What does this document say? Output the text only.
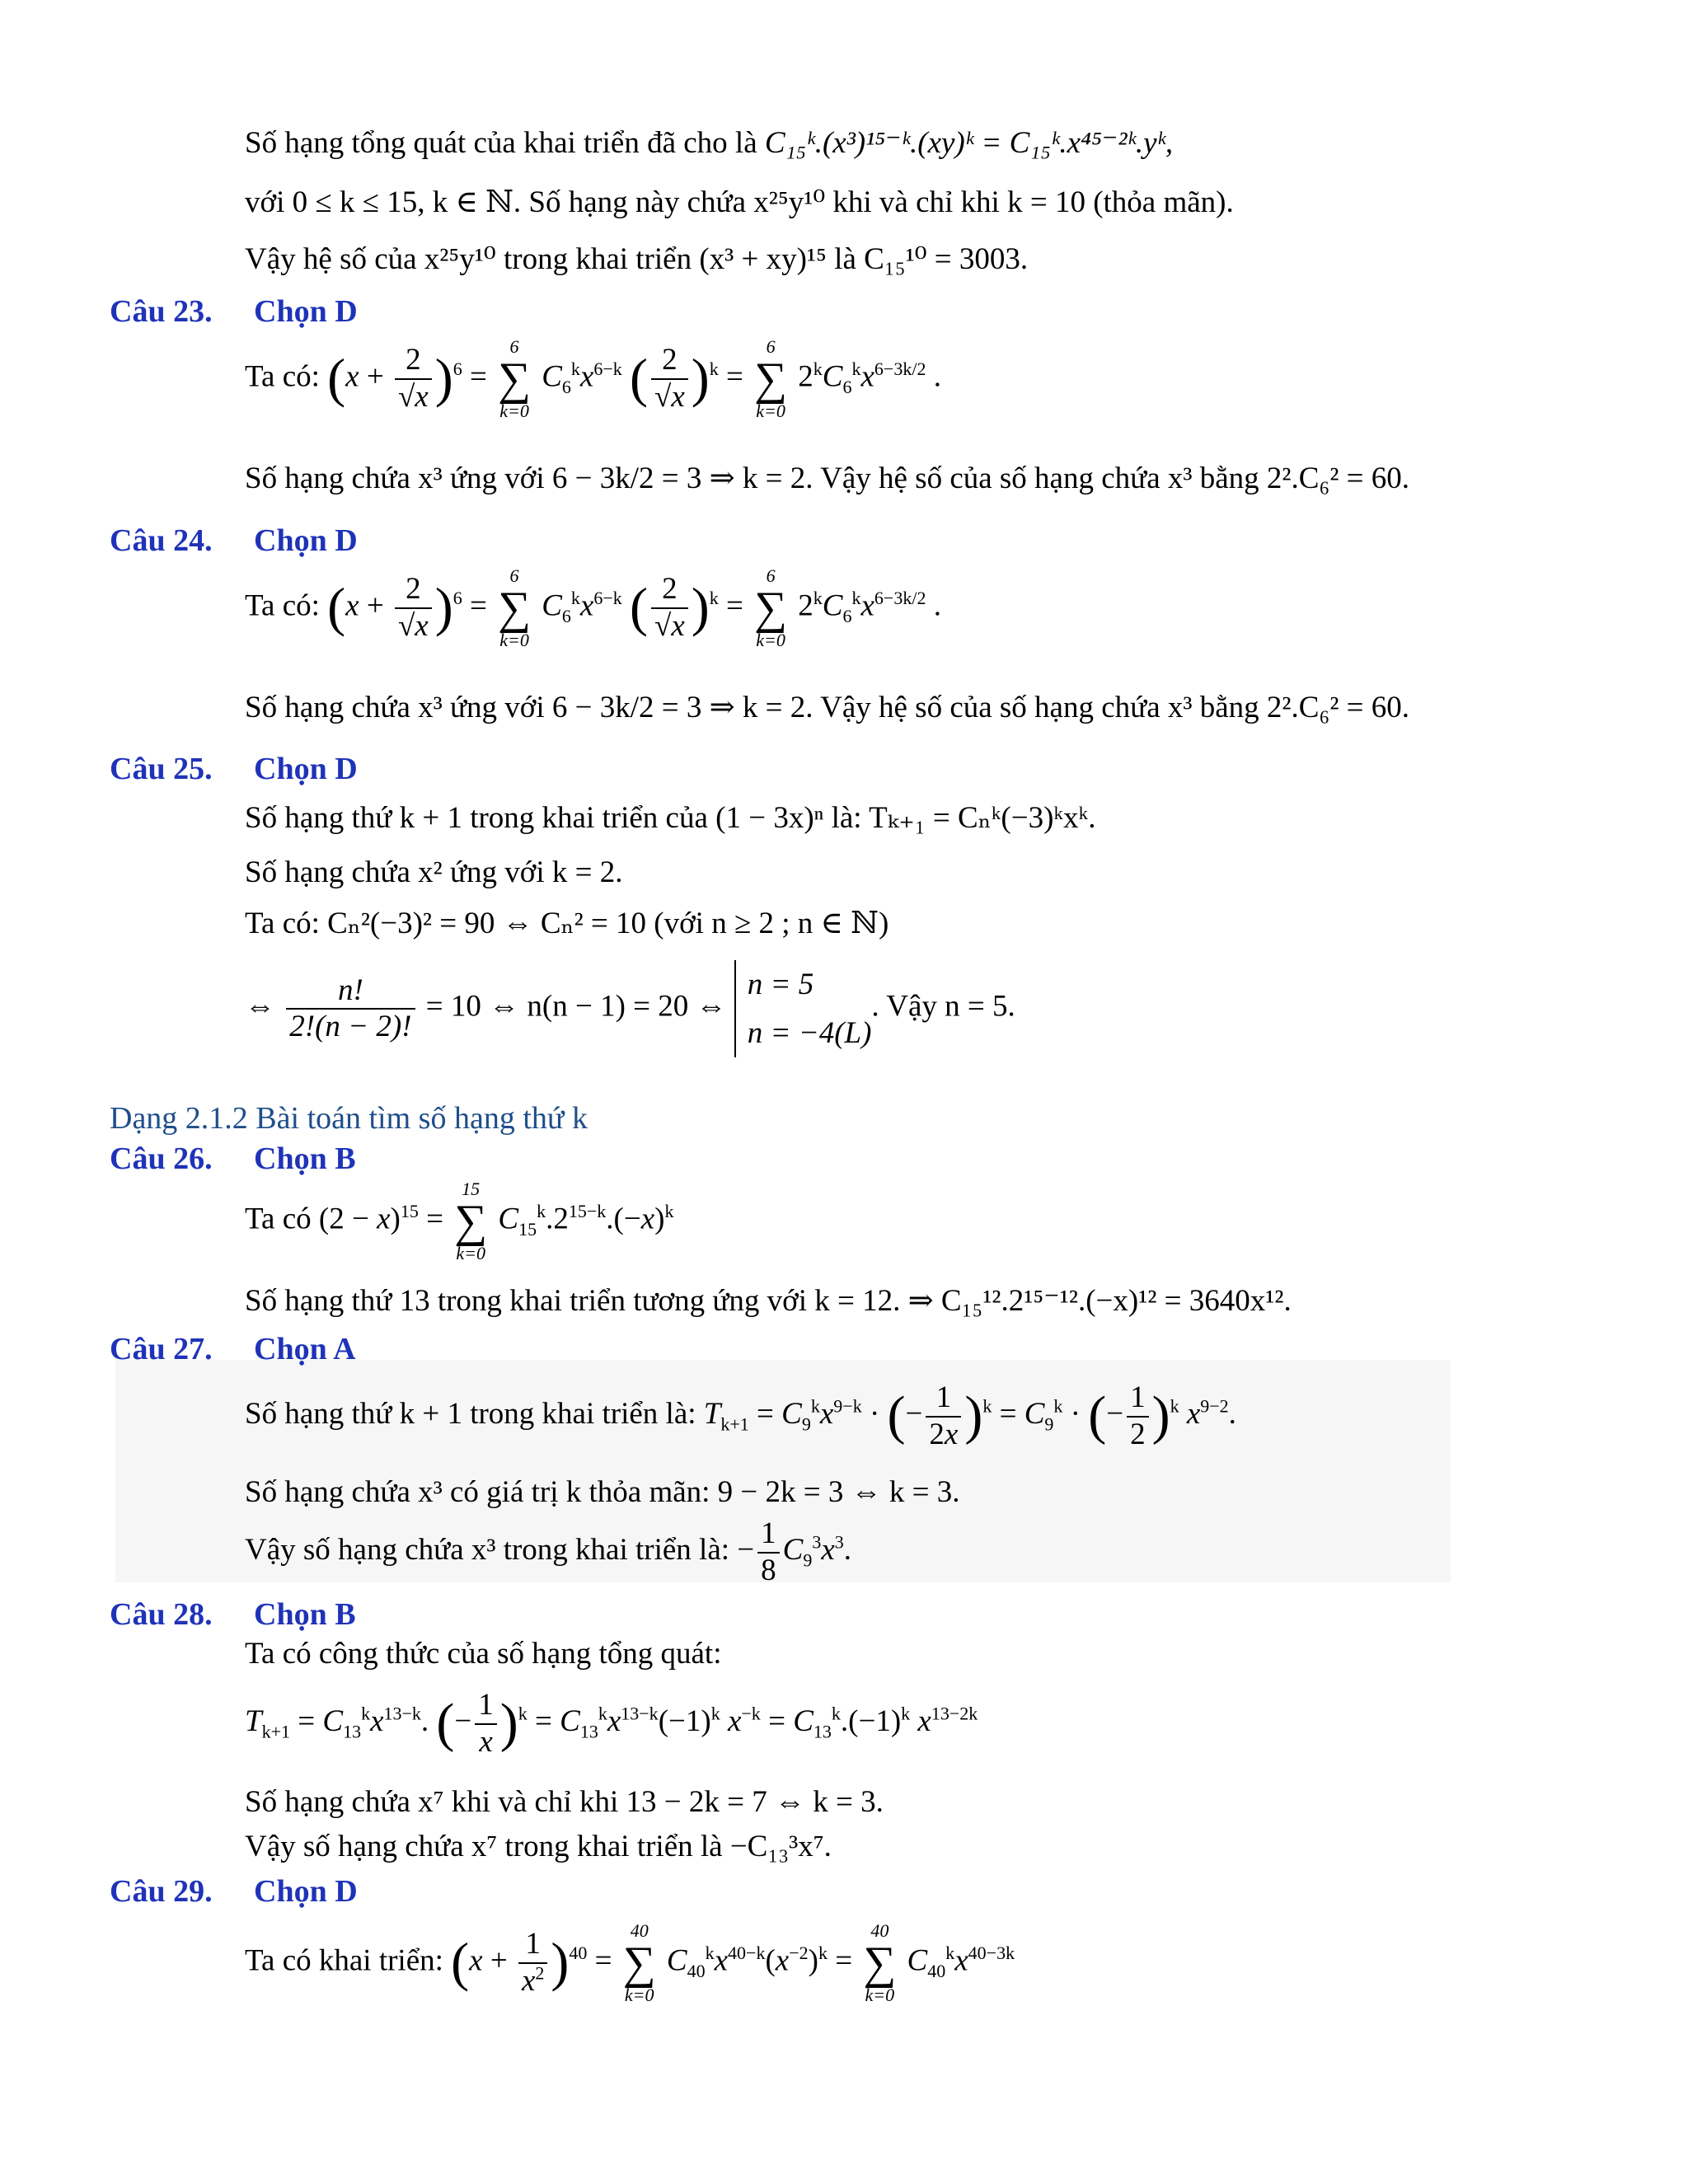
Số hạng tổng quát của khai triển đã cho là C₁₅ᵏ.(x³)¹⁵⁻ᵏ.(xy)ᵏ = C₁₅ᵏ.x⁴⁵⁻²ᵏ.yᵏ,
với 0 ≤ k ≤ 15, k ∈ ℕ. Số hạng này chứa x²⁵y¹⁰ khi và chỉ khi k = 10 (thỏa mãn).
Vậy hệ số của x²⁵y¹⁰ trong khai triển (x³ + xy)¹⁵ là C₁₅¹⁰ = 3003.
Câu 23. Chọn D
Ta có: $(x + \frac{2}{√x} )^6$ =
6
∑
k=0
$C_6^kx^{6-k}$ ( $\frac{2}{√x} )^k$ =
6
∑
k=0
$2^kC_6^kx^{6-3k/2}$ .
Số hạng chứa x³ ứng với 6 − 3k/2 = 3 ⇒ k = 2. Vậy hệ số của số hạng chứa x³ bằng 2².C₆² = 60.
Câu 24. Chọn D
Ta có: $(x + \frac{2}{√x} )^6$ =
6
∑
k=0
$C_6^kx^{6-k}$ ( $\frac{2}{√x} )^k$ =
6
∑
k=0
$2^kC_6^kx^{6-3k/2}$ .
Số hạng chứa x³ ứng với 6 − 3k/2 = 3 ⇒ k = 2. Vậy hệ số của số hạng chứa x³ bằng 2².C₆² = 60.
Câu 25. Chọn D
Số hạng thứ k + 1 trong khai triển của (1 − 3x)ⁿ là: Tₖ₊₁ = Cₙᵏ(−3)ᵏxᵏ.
Số hạng chứa x² ứng với k = 2.
Ta có: Cₙ²(−3)² = 90 ⇔ Cₙ² = 10 (với n ≥ 2 ; n ∈ ℕ)
⇔ $\frac{n!}{2!(n - 2)!} = 10$ ⇔ n(n − 1) = 20 ⇔ n = 5
n = −4(L). Vậy n = 5.
Dạng 2.1.2 Bài toán tìm số hạng thứ k
Câu 26. Chọn B
Ta có $(2 - x)^{15}$ =
15
∑
k=0
$C_{15}^k.2^{15-k}.(-x)^k$
Số hạng thứ 13 trong khai triển tương ứng với k = 12. ⇒ C₁₅¹².2¹⁵⁻¹².(−x)¹² = 3640x¹².
Câu 27. Chọn A
Số hạng thứ k + 1 trong khai triển là: $T_{k+1} = C_9^kx^{9-k}$ · (− $\frac{1}{2x} )^k = C_9^k$ · (− $\frac{1}{2} )^k$ $x^{9-2}$.
Số hạng chứa x³ có giá trị k thỏa mãn: 9 − 2k = 3 ⇔ k = 3.
Vậy số hạng chứa x³ trong khai triển là: − $\frac{1}{8} C_9^3x^3$.
Câu 28. Chọn B
Ta có công thức của số hạng tổng quát:
$T_{k+1} = C_{13}^kx^{13-k}$. (− $\frac{1}{x} )^k = C_{13}^kx^{13-k}(-1)^k$ $x^{-k} = C_{13}^k.(-1)^k$ $x^{13-2k}$
Số hạng chứa x⁷ khi và chỉ khi 13 − 2k = 7 ⇔ k = 3.
Vậy số hạng chứa x⁷ trong khai triển là −C₁₃³x⁷.
Câu 29. Chọn D
Ta có khai triển: $(x + \frac{1}{x^2} )^{40}$ =
40
∑
k=0
$C_{40}^kx^{40-k}(x^{-2})^k$ =
40
∑
k=0
$C_{40}^kx^{40-3k}$
